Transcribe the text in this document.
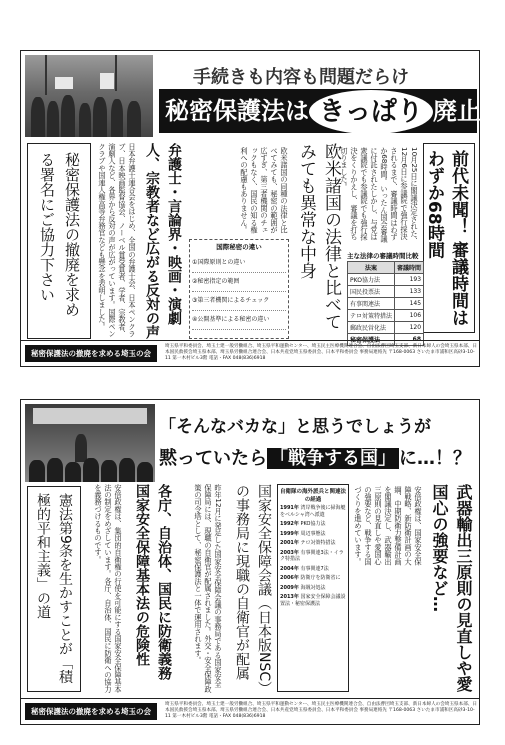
手続きも内容も問題だらけ
秘密保護法は きっぱり 廃止に
前代未聞！ 審議時間はわずか68時間
10月25日に閣議決定された、12月6日に参議院で強行採決されるまで、審議時間はわずか68時間。いったん国会審議に付託されたしかし、与党は衆議院でも参議院でも強行採決をくりかえし、審議を打ち切りました。
主な法律の審議時間比較
法案	審議時間
PKO協力法	193
国民投票法	133
有事関連法	145
テロ対策特措法	106
郵政民営化法	120
秘密保護法	68
欧米諸国の法律と比べてみても異常な中身
欧米諸国の同種の法律と比べてみても、秘密の範囲が広すぎ、第三者機関のチェックもなく、国民の知る権利への配慮もありません。
国際秘密の違い
①国際原則との違い
②秘密指定の範囲
③第三者機関によるチェック
④公開基準による秘密の違い
弁護士・言論界・映画・演劇人、宗教者など広がる反対の声
日本弁護士連合会をはじめ、全国の弁護士会、日本ペンクラブ、日本映画監督協会、ノーベル賞受賞者、学者、宗教者、演劇人など、各界から反対の声が広がっています。国際ペンクラブや国連人権高等弁務官なども懸念を表明しました。
秘密保護法の撤廃を求める署名にご協力下さい
秘密保護法の撤廃を求める埼玉の会
埼玉県平和委員会、埼玉土建一般労働組合、埼玉県平和運動センター、埼玉民主医療機関連合会、自由法曹団埼玉支部、新日本婦人の会埼玉県本部、日本国民救援会埼玉県本部、埼玉県労働組合連合会、日本共産党埼玉県委員会、日本平和委員会 事務局連絡先 〒168-0063 さいたま市浦和区高砂3-10-11 第一木村ビル3階 電話・FAX 048(836)6918
「そんなバカな」と思うでしょうが
黙っていたら 「戦争する国」 に…！？
武器輸出三原則の見直しや愛国心の強要など…
安倍政権は、国家安全保障戦略、新防衛計画の大綱、中期防衛力整備計画を閣議決定し、武器輸出三原則の見直しや愛国心の強要など、戦争する国づくりを進めています。
自衛隊の海外派兵と関連法の経過
1991年 湾岸戦争後に掃海艇をペルシャ湾へ派遣
1992年 PKO協力法
1999年 周辺事態法
2001年 テロ対策特措法
2003年 有事関連3法・イラク特措法
2004年 有事関連7法
2006年 防衛庁を防衛省に
2009年 海賊対処法
2013年 国家安全保障会議設置法・秘密保護法
国家安全保障会議（日本版NSC）の事務局に現職の自衛官が配属
昨年12月に発足した国家安全保障会議の事務局である国家安全保障局には、現職の自衛官が配属されました。外交・安全保障政策の司令塔として、秘密保護法と一体で運用されます。
各庁、自治体、国民に防衛義務 国家安全保障基本法の危険性
安倍政権は、集団的自衛権の行使を可能にする国家安全保障基本法の制定をめざしています。各庁、自治体、国民に防衛への協力を義務づけるものです。
憲法第9条を生かすことが「積極的平和主義」の道
秘密保護法の撤廃を求める埼玉の会
埼玉県平和委員会、埼玉土建一般労働組合、埼玉県平和運動センター、埼玉民主医療機関連合会、自由法曹団埼玉支部、新日本婦人の会埼玉県本部、日本国民救援会埼玉県本部、埼玉県労働組合連合会、日本共産党埼玉県委員会、日本平和委員会 事務局連絡先 〒168-0063 さいたま市浦和区高砂3-10-11 第一木村ビル3階 電話・FAX 048(836)6918
